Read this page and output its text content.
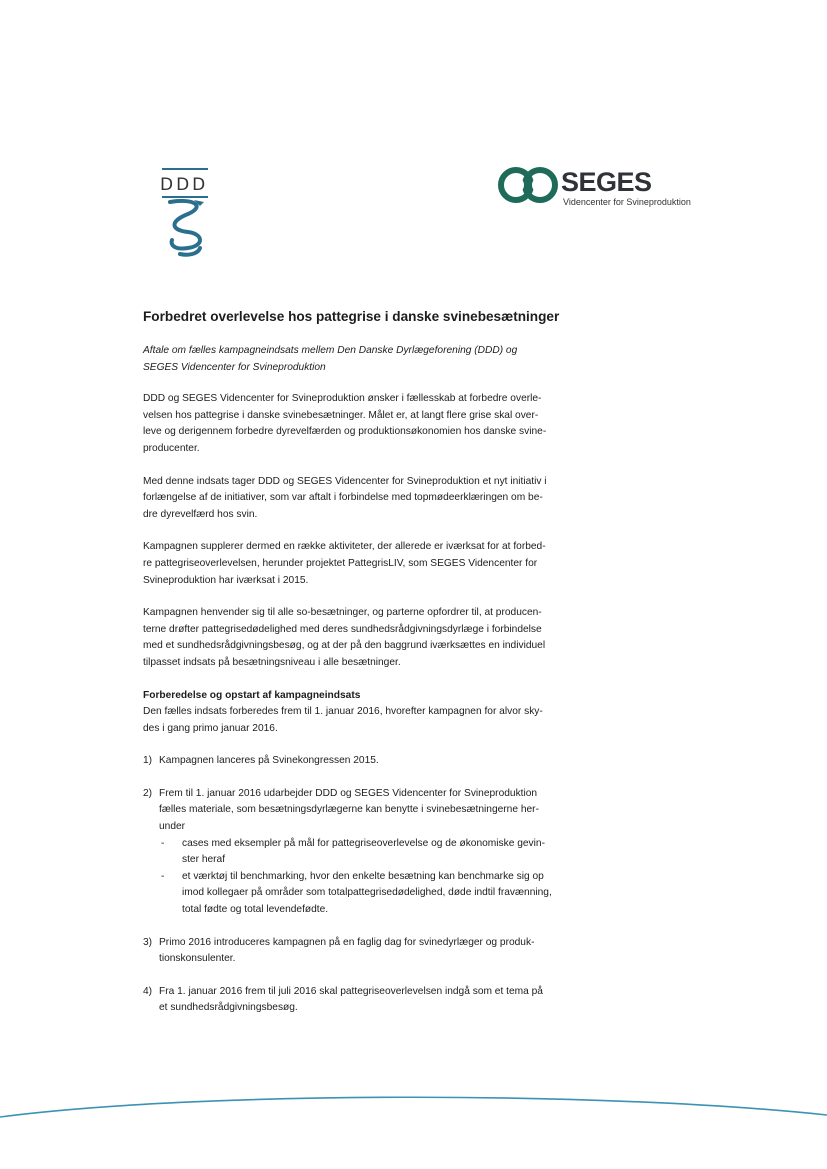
DDD	SEGES
Videncenter for Svineproduktion
Forbedret overlevelse hos pattegrise i danske svinebesætninger

Aftale om fælles kampagneindsats mellem Den Danske Dyrlægeforening (DDD) og
SEGES Videncenter for Svineproduktion

DDD og SEGES Videncenter for Svineproduktion ønsker i fællesskab at forbedre overle-
velsen hos pattegrise i danske svinebesætninger. Målet er, at langt flere grise skal over-
leve og derigennem forbedre dyrevelfærden og produktionsøkonomien hos danske svine-
producenter.

Med denne indsats tager DDD og SEGES Videncenter for Svineproduktion et nyt initiativ i
forlængelse af de initiativer, som var aftalt i forbindelse med topmødeerklæringen om be-
dre dyrevelfærd hos svin.

Kampagnen supplerer dermed en række aktiviteter, der allerede er iværksat for at forbed-
re pattegriseoverlevelsen, herunder projektet PattegrisLIV, som SEGES Videncenter for
Svineproduktion har iværksat i 2015.

Kampagnen henvender sig til alle so-besætninger, og parterne opfordrer til, at producen-
terne drøfter pattegrisedødelighed med deres sundhedsrådgivningsdyrlæge i forbindelse
med et sundhedsrådgivningsbesøg, og at der på den baggrund iværksættes en individuel
tilpasset indsats på besætningsniveau i alle besætninger.

Forberedelse og opstart af kampagneindsats
Den fælles indsats forberedes frem til 1. januar 2016, hvorefter kampagnen for alvor sky-
des i gang primo januar 2016.

1) Kampagnen lanceres på Svinekongressen 2015.
2) Frem til 1. januar 2016 udarbejder DDD og SEGES Videncenter for Svineproduktion
fælles materiale, som besætningsdyrlægerne kan benytte i svinebesætningerne her-
under
- cases med eksempler på mål for pattegriseoverlevelse og de økonomiske gevin-
ster heraf
- et værktøj til benchmarking, hvor den enkelte besætning kan benchmarke sig op
imod kollegaer på områder som totalpattegrisedødelighed, døde indtil fravænning,
total fødte og total levendefødte.
3) Primo 2016 introduceres kampagnen på en faglig dag for svinedyrlæger og produk-
tionskonsulenter.
4) Fra 1. januar 2016 frem til juli 2016 skal pattegriseoverlevelsen indgå som et tema på
et sundhedsrådgivningsbesøg.
